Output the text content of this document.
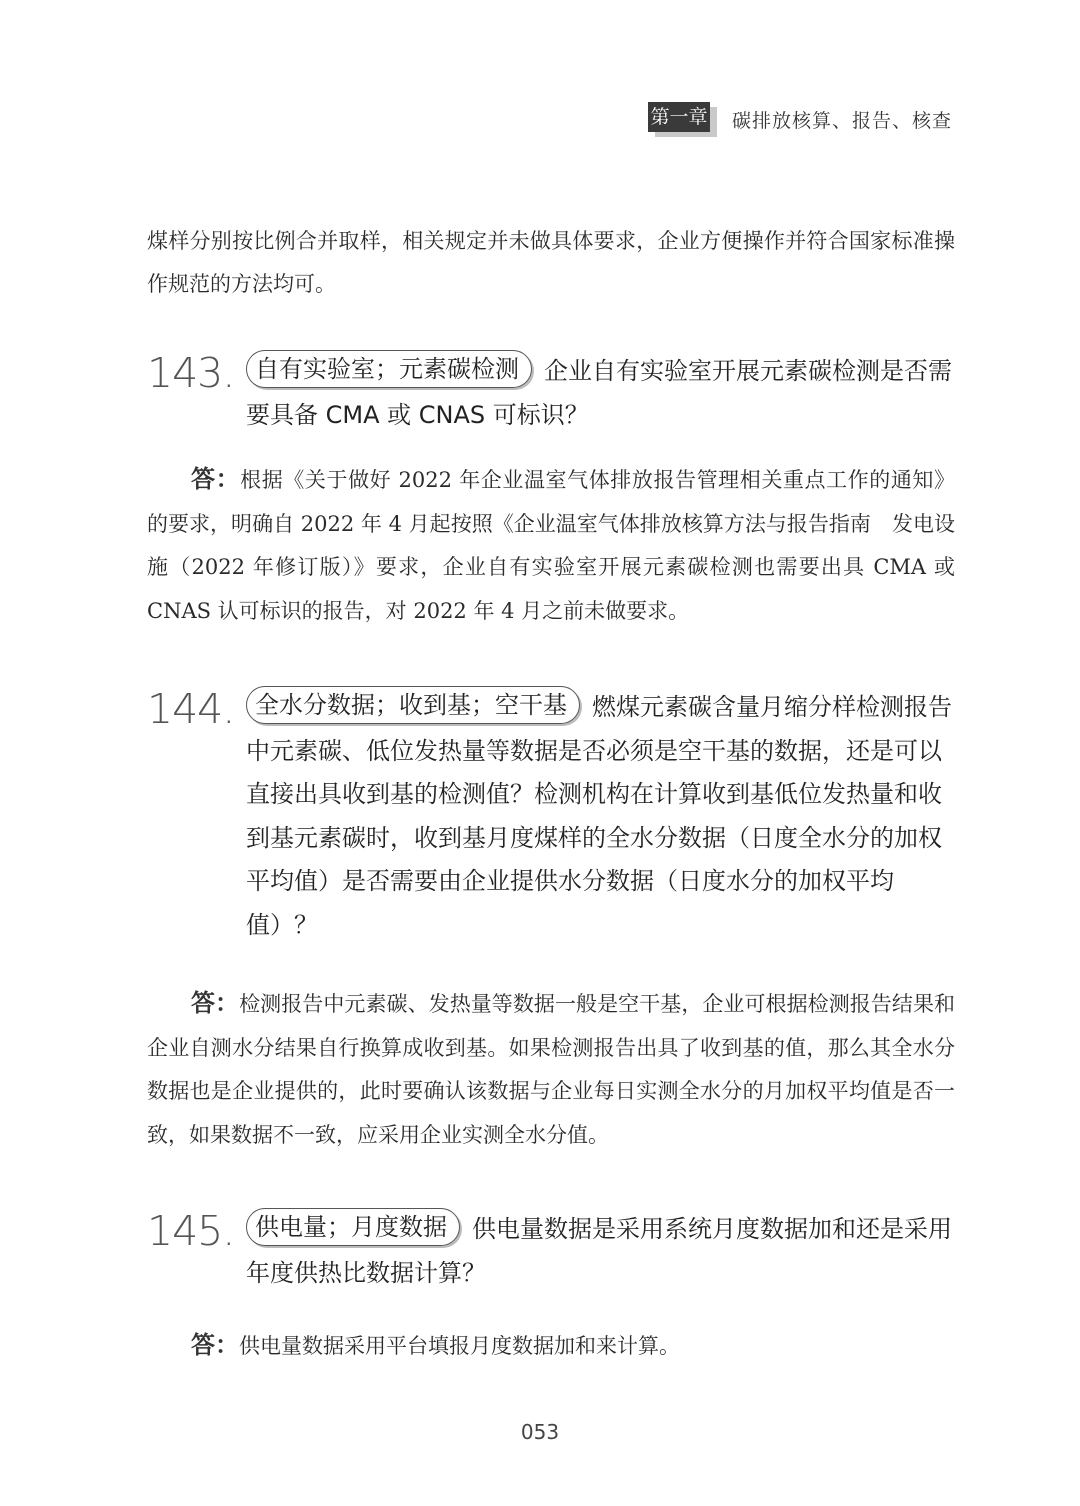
第一章 碳排放核算、报告、核查

煤样分别按比例合并取样，相关规定并未做具体要求，企业方便操作并符合国家标准操作规范的方法均可。

143. 自有实验室；元素碳检测 企业自有实验室开展元素碳检测是否需要具备 CMA 或 CNAS 可标识？

答：根据《关于做好 2022 年企业温室气体排放报告管理相关重点工作的通知》的要求，明确自 2022 年 4 月起按照《企业温室气体排放核算方法与报告指南　发电设施（2022 年修订版）》要求，企业自有实验室开展元素碳检测也需要出具 CMA 或 CNAS 认可标识的报告，对 2022 年 4 月之前未做要求。

144. 全水分数据；收到基；空干基 燃煤元素碳含量月缩分样检测报告中元素碳、低位发热量等数据是否必须是空干基的数据，还是可以直接出具收到基的检测值？检测机构在计算收到基低位发热量和收到基元素碳时，收到基月度煤样的全水分数据（日度全水分的加权平均值）是否需要由企业提供水分数据（日度水分的加权平均值）？

答：检测报告中元素碳、发热量等数据一般是空干基，企业可根据检测报告结果和企业自测水分结果自行换算成收到基。如果检测报告出具了收到基的值，那么其全水分数据也是企业提供的，此时要确认该数据与企业每日实测全水分的月加权平均值是否一致，如果数据不一致，应采用企业实测全水分值。

145. 供电量；月度数据 供电量数据是采用系统月度数据加和还是采用年度供热比数据计算？

答：供电量数据采用平台填报月度数据加和来计算。

053
